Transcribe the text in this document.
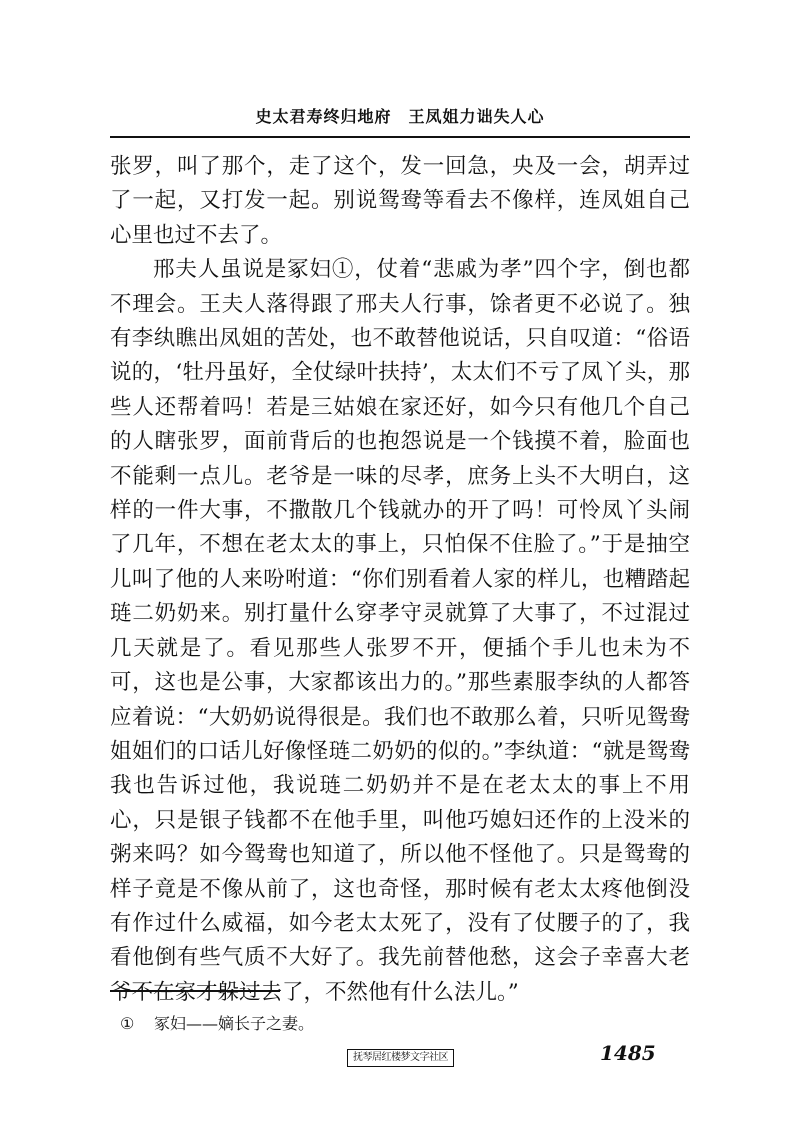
史太君寿终归地府　王凤姐力诎失人心

张罗，叫了那个，走了这个，发一回急，央及一会，胡弄过了一起，又打发一起。别说鸳鸯等看去不像样，连凤姐自己心里也过不去了。

邢夫人虽说是冢妇①，仗着“悲戚为孝”四个字，倒也都不理会。王夫人落得跟了邢夫人行事，馀者更不必说了。独有李纨瞧出凤姐的苦处，也不敢替他说话，只自叹道：“俗语说的，‘牡丹虽好，全仗绿叶扶持’，太太们不亏了凤丫头，那些人还帮着吗！若是三姑娘在家还好，如今只有他几个自己的人瞎张罗，面前背后的也抱怨说是一个钱摸不着，脸面也不能剩一点儿。老爷是一味的尽孝，庶务上头不大明白，这样的一件大事，不撒散几个钱就办的开了吗！可怜凤丫头闹了几年，不想在老太太的事上，只怕保不住脸了。”于是抽空儿叫了他的人来吩咐道：“你们别看着人家的样儿，也糟踏起琏二奶奶来。别打量什么穿孝守灵就算了大事了，不过混过几天就是了。看见那些人张罗不开，便插个手儿也未为不可，这也是公事，大家都该出力的。”那些素服李纨的人都答应着说：“大奶奶说得很是。我们也不敢那么着，只听见鸳鸯姐姐们的口话儿好像怪琏二奶奶的似的。”李纨道：“就是鸳鸯我也告诉过他，我说琏二奶奶并不是在老太太的事上不用心，只是银子钱都不在他手里，叫他巧媳妇还作的上没米的粥来吗？如今鸳鸯也知道了，所以他不怪他了。只是鸳鸯的样子竟是不像从前了，这也奇怪，那时候有老太太疼他倒没有作过什么威福，如今老太太死了，没有了仗腰子的了，我看他倒有些气质不大好了。我先前替他愁，这会子幸喜大老爷不在家才躲过去了，不然他有什么法儿。”

① 冢妇——嫡长子之妻。
抚琴居红楼梦文字社区	1485
